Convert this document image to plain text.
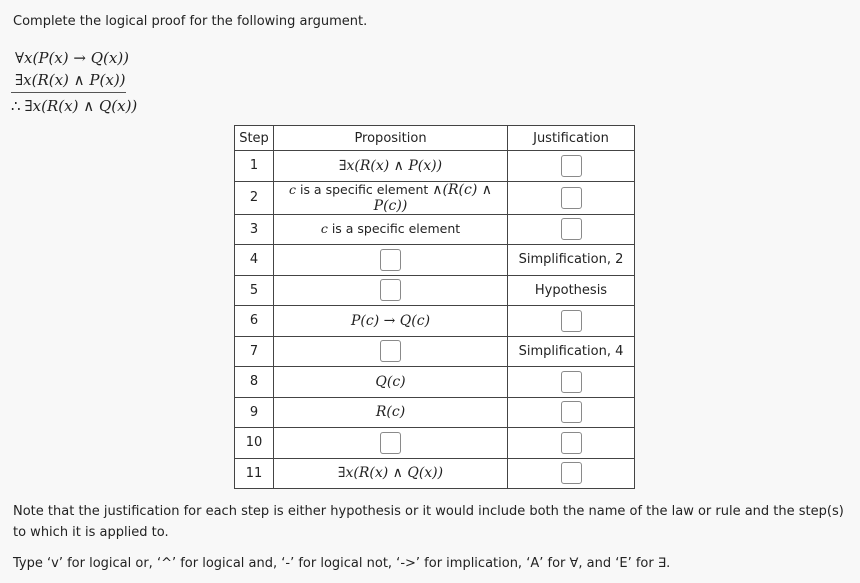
Complete the logical proof for the following argument.
∀x(P(x) → Q(x))
∃x(R(x) ∧ P(x))
∴ ∃x(R(x) ∧ Q(x))
Step	Proposition	Justification
1	∃x(R(x) ∧ P(x))	
2	c is a specific element ∧(R(c) ∧ P(c))	
3	c is a specific element	
4		Simplification, 2
5		Hypothesis
6	P(c) → Q(c)	
7		Simplification, 4
8	Q(c)	
9	R(c)	
10		
11	∃x(R(x) ∧ Q(x))	
Note that the justification for each step is either hypothesis or it would include both the name of the law or rule and the step(s) to which it is applied to.
Type ‘v’ for logical or, ‘^’ for logical and, ‘-’ for logical not, ‘->’ for implication, ‘A’ for ∀, and ‘E’ for ∃.
